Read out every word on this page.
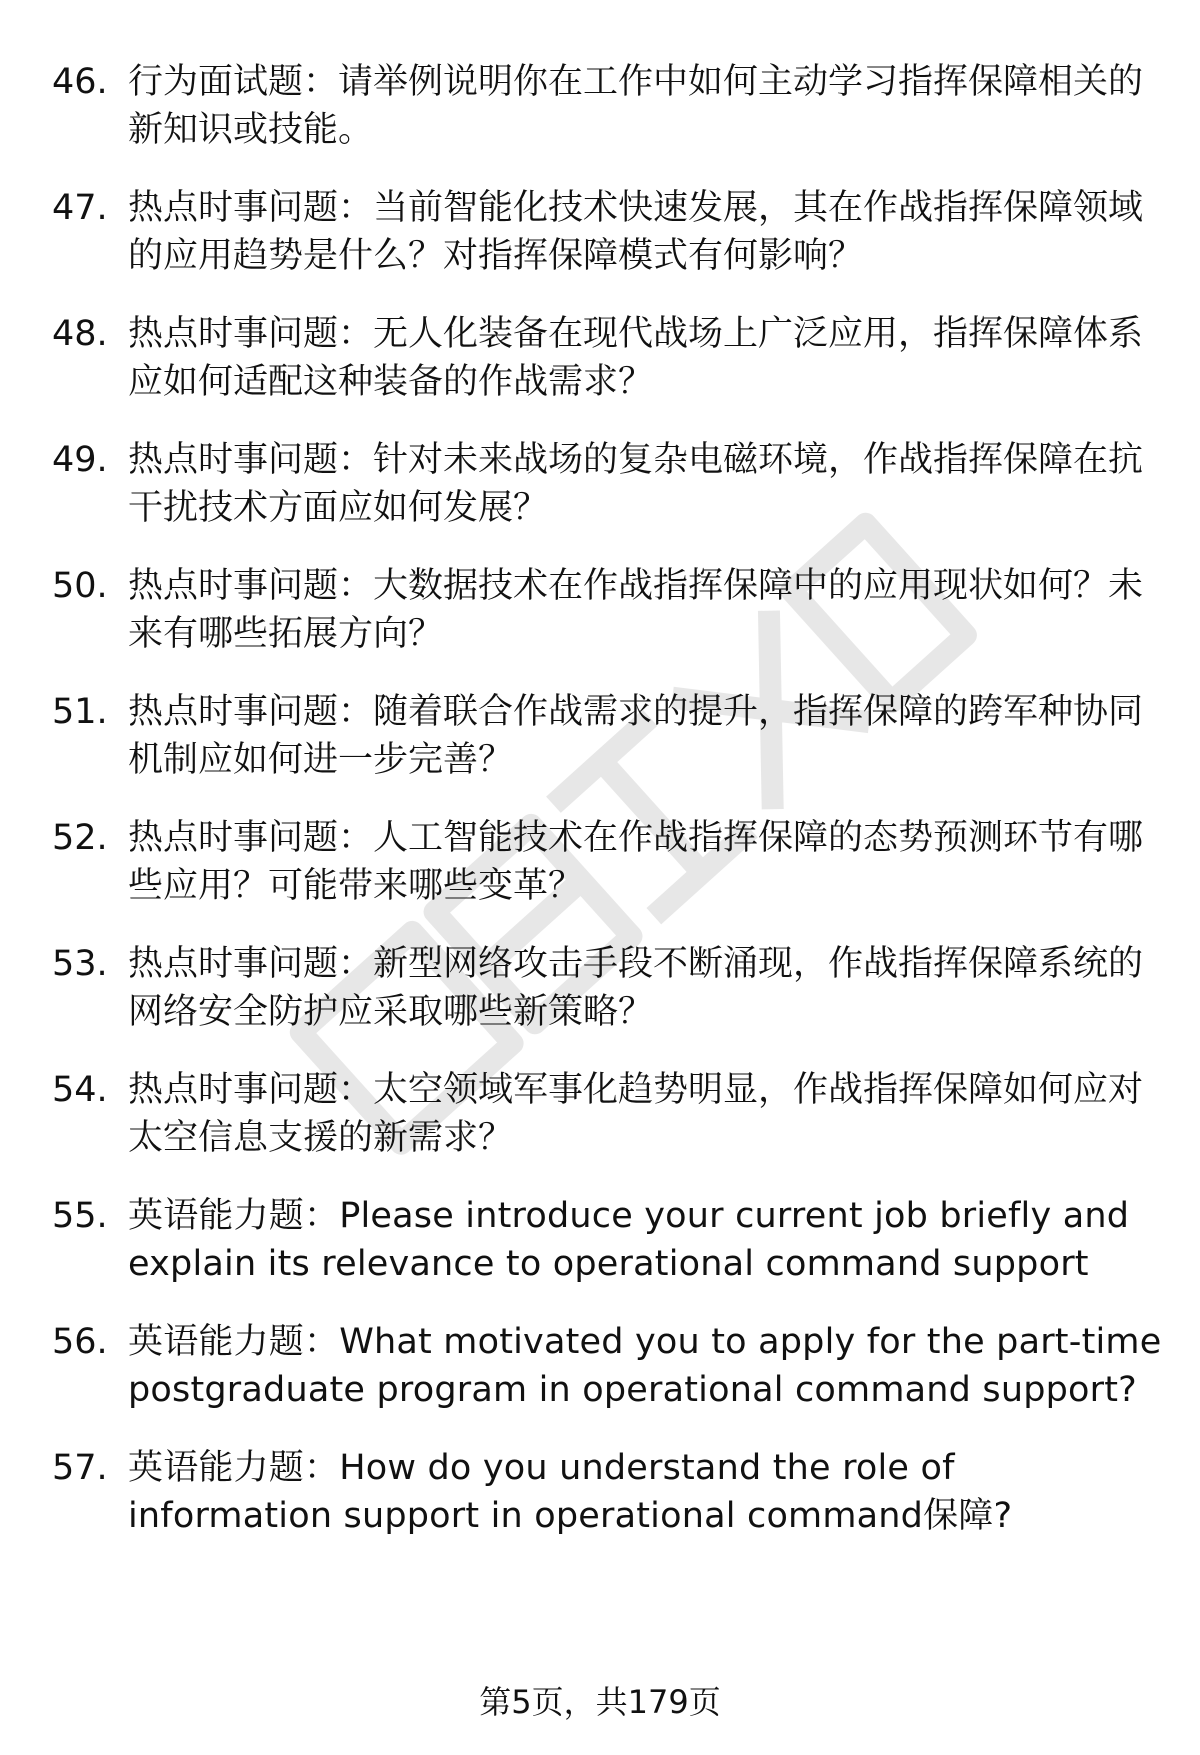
46. 行为面试题：请举例说明你在工作中如何主动学习指挥保障相关的新知识或技能。
47. 热点时事问题：当前智能化技术快速发展，其在作战指挥保障领域的应用趋势是什么？对指挥保障模式有何影响？
48. 热点时事问题：无人化装备在现代战场上广泛应用，指挥保障体系应如何适配这种装备的作战需求？
49. 热点时事问题：针对未来战场的复杂电磁环境，作战指挥保障在抗干扰技术方面应如何发展？
50. 热点时事问题：大数据技术在作战指挥保障中的应用现状如何？未来有哪些拓展方向？
51. 热点时事问题：随着联合作战需求的提升，指挥保障的跨军种协同机制应如何进一步完善？
52. 热点时事问题：人工智能技术在作战指挥保障的态势预测环节有哪些应用？可能带来哪些变革？
53. 热点时事问题：新型网络攻击手段不断涌现，作战指挥保障系统的网络安全防护应采取哪些新策略？
54. 热点时事问题：太空领域军事化趋势明显，作战指挥保障如何应对太空信息支援的新需求？
55. 英语能力题：Please introduce your current job briefly and explain its relevance to operational command support
56. 英语能力题：What motivated you to apply for the part-time postgraduate program in operational command support?
57. 英语能力题：How do you understand the role of information support in operational command保障?
第5页，共179页
